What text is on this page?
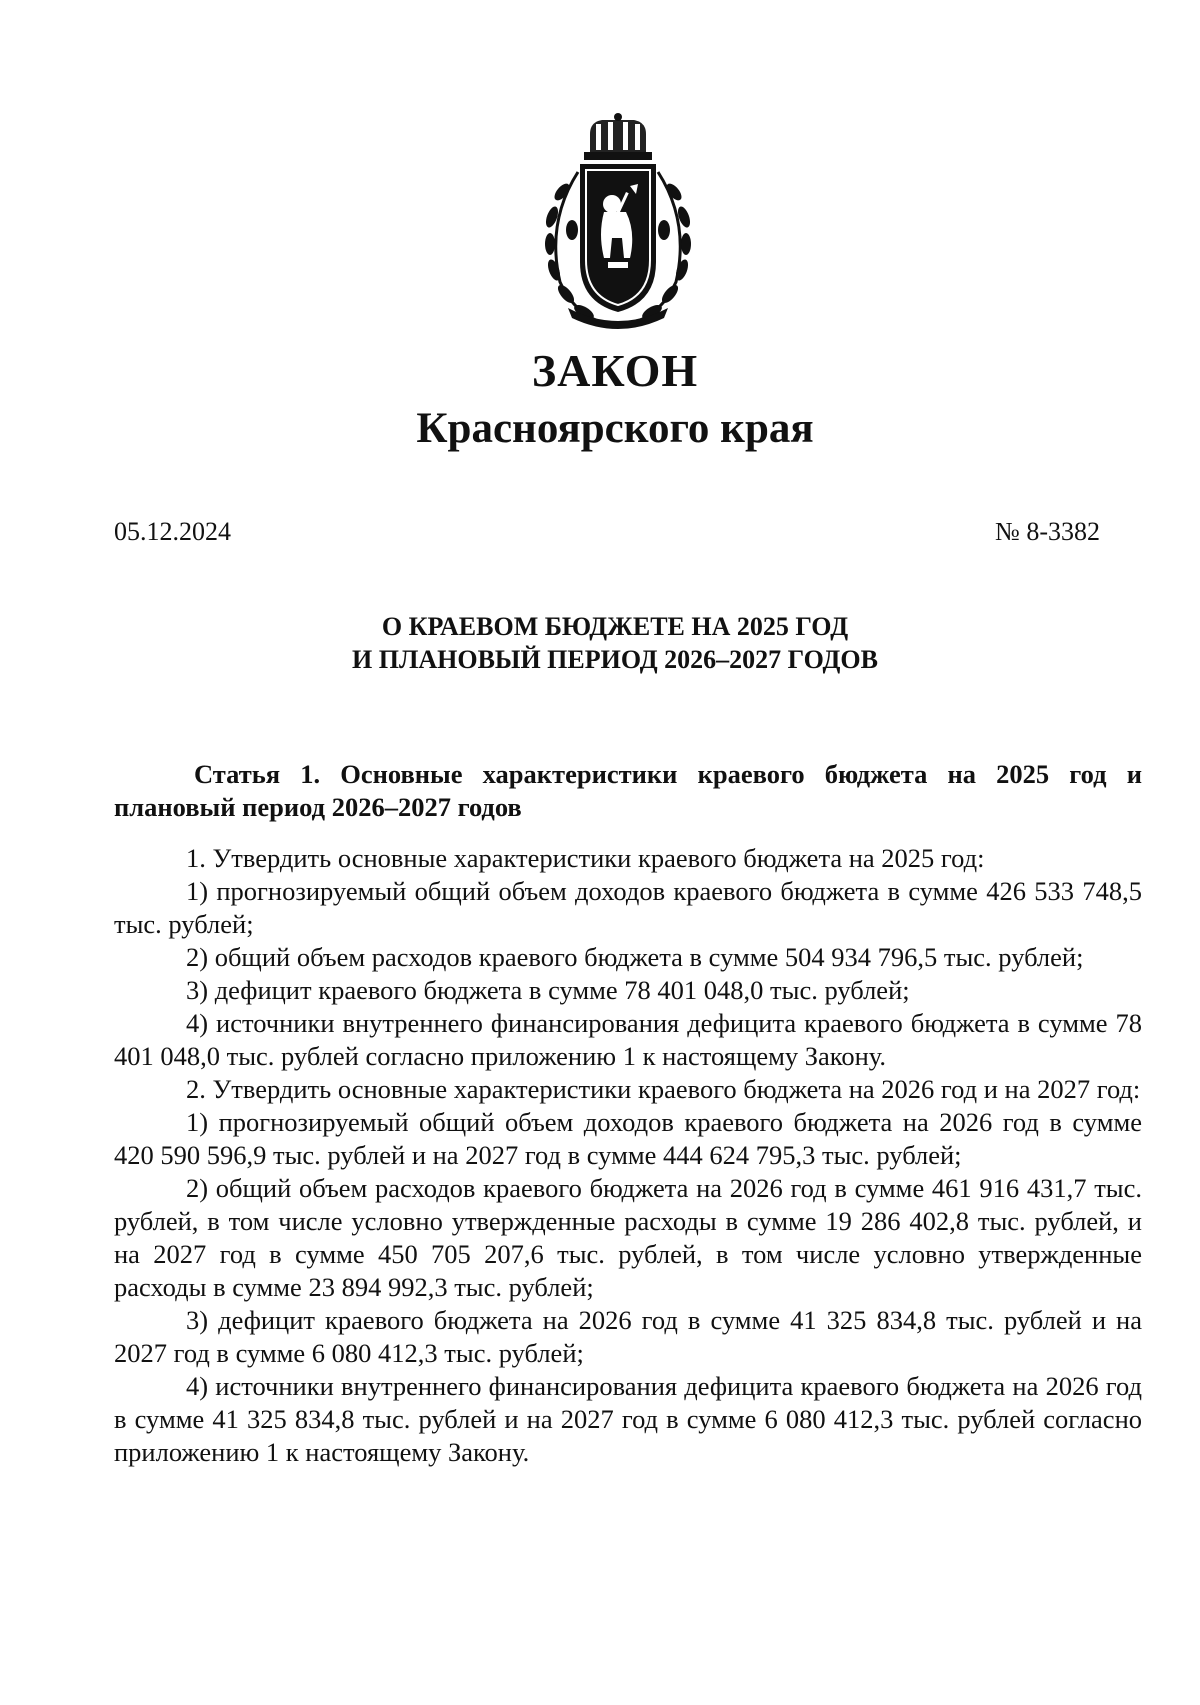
ЗАКОН
Красноярского края
05.12.2024	№ 8-3382
О КРАЕВОМ БЮДЖЕТЕ НА 2025 ГОД
И ПЛАНОВЫЙ ПЕРИОД 2026–2027 ГОДОВ

Статья 1. Основные характеристики краевого бюджета на 2025 год и плановый период 2026–2027 годов

1. Утвердить основные характеристики краевого бюджета на 2025 год:

1) прогнозируемый общий объем доходов краевого бюджета в сумме 426 533 748,5 тыс. рублей;

2) общий объем расходов краевого бюджета в сумме 504 934 796,5 тыс. рублей;

3) дефицит краевого бюджета в сумме 78 401 048,0 тыс. рублей;

4) источники внутреннего финансирования дефицита краевого бюджета в сумме 78 401 048,0 тыс. рублей согласно приложению 1 к настоящему Закону.

2. Утвердить основные характеристики краевого бюджета на 2026 год и на 2027 год:

1) прогнозируемый общий объем доходов краевого бюджета на 2026 год в сумме 420 590 596,9 тыс. рублей и на 2027 год в сумме 444 624 795,3 тыс. рублей;

2) общий объем расходов краевого бюджета на 2026 год в сумме 461 916 431,7 тыс. рублей, в том числе условно утвержденные расходы в сумме 19 286 402,8 тыс. рублей, и на 2027 год в сумме 450 705 207,6 тыс. рублей, в том числе условно утвержденные расходы в сумме 23 894 992,3 тыс. рублей;

3) дефицит краевого бюджета на 2026 год в сумме 41 325 834,8 тыс. рублей и на 2027 год в сумме 6 080 412,3 тыс. рублей;

4) источники внутреннего финансирования дефицита краевого бюджета на 2026 год в сумме 41 325 834,8 тыс. рублей и на 2027 год в сумме 6 080 412,3 тыс. рублей согласно приложению 1 к настоящему Закону.
